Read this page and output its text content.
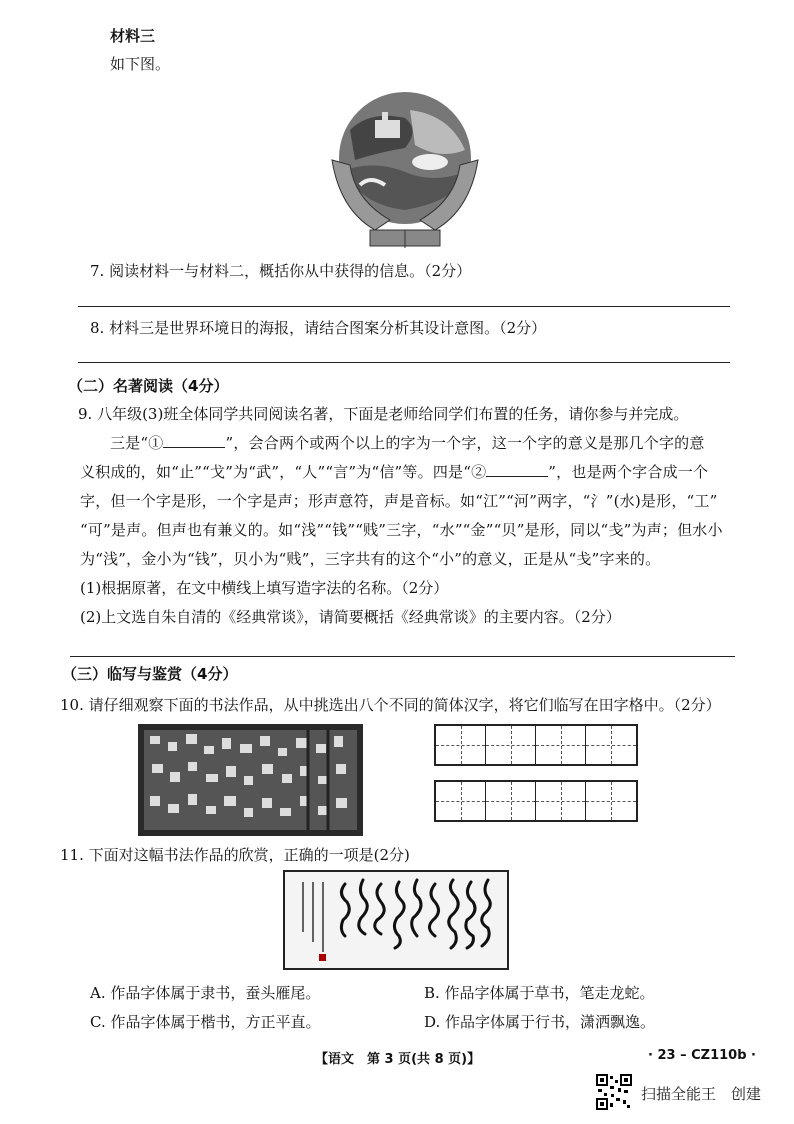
材料三
如下图。
7. 阅读材料一与材料二，概括你从中获得的信息。（2分）
8. 材料三是世界环境日的海报，请结合图案分析其设计意图。（2分）
（二）名著阅读（4分）
9. 八年级(3)班全体同学共同阅读名著，下面是老师给同学们布置的任务，请你参与并完成。
三是“①	”，会合两个或两个以上的字为一个字，这一个字的意义是那几个字的意
义积成的，如“止”“戈”为“武”，“人”“言”为“信”等。四是“②	”，也是两个字合成一个
字，但一个字是形，一个字是声；形声意符，声是音标。如“江”“河”两字，“氵”(水)是形，“工”
“可”是声。但声也有兼义的。如“浅”“钱”“贱”三字，“水”“金”“贝”是形，同以“戋”为声；但水小
为“浅”，金小为“钱”，贝小为“贱”，三字共有的这个“小”的意义，正是从“戋”字来的。
(1)根据原著，在文中横线上填写造字法的名称。（2分）
(2)上文选自朱自清的《经典常谈》，请简要概括《经典常谈》的主要内容。（2分）
（三）临写与鉴赏（4分）
10. 请仔细观察下面的书法作品，从中挑选出八个不同的简体汉字，将它们临写在田字格中。（2分）
11. 下面对这幅书法作品的欣赏，正确的一项是(2分)
A. 作品字体属于隶书，蚕头雁尾。	B. 作品字体属于草书，笔走龙蛇。
C. 作品字体属于楷书，方正平直。	D. 作品字体属于行书，潇洒飘逸。
【语文　第 3 页(共 8 页)】	· 23 – CZ110b ·
扫描全能王　创建
